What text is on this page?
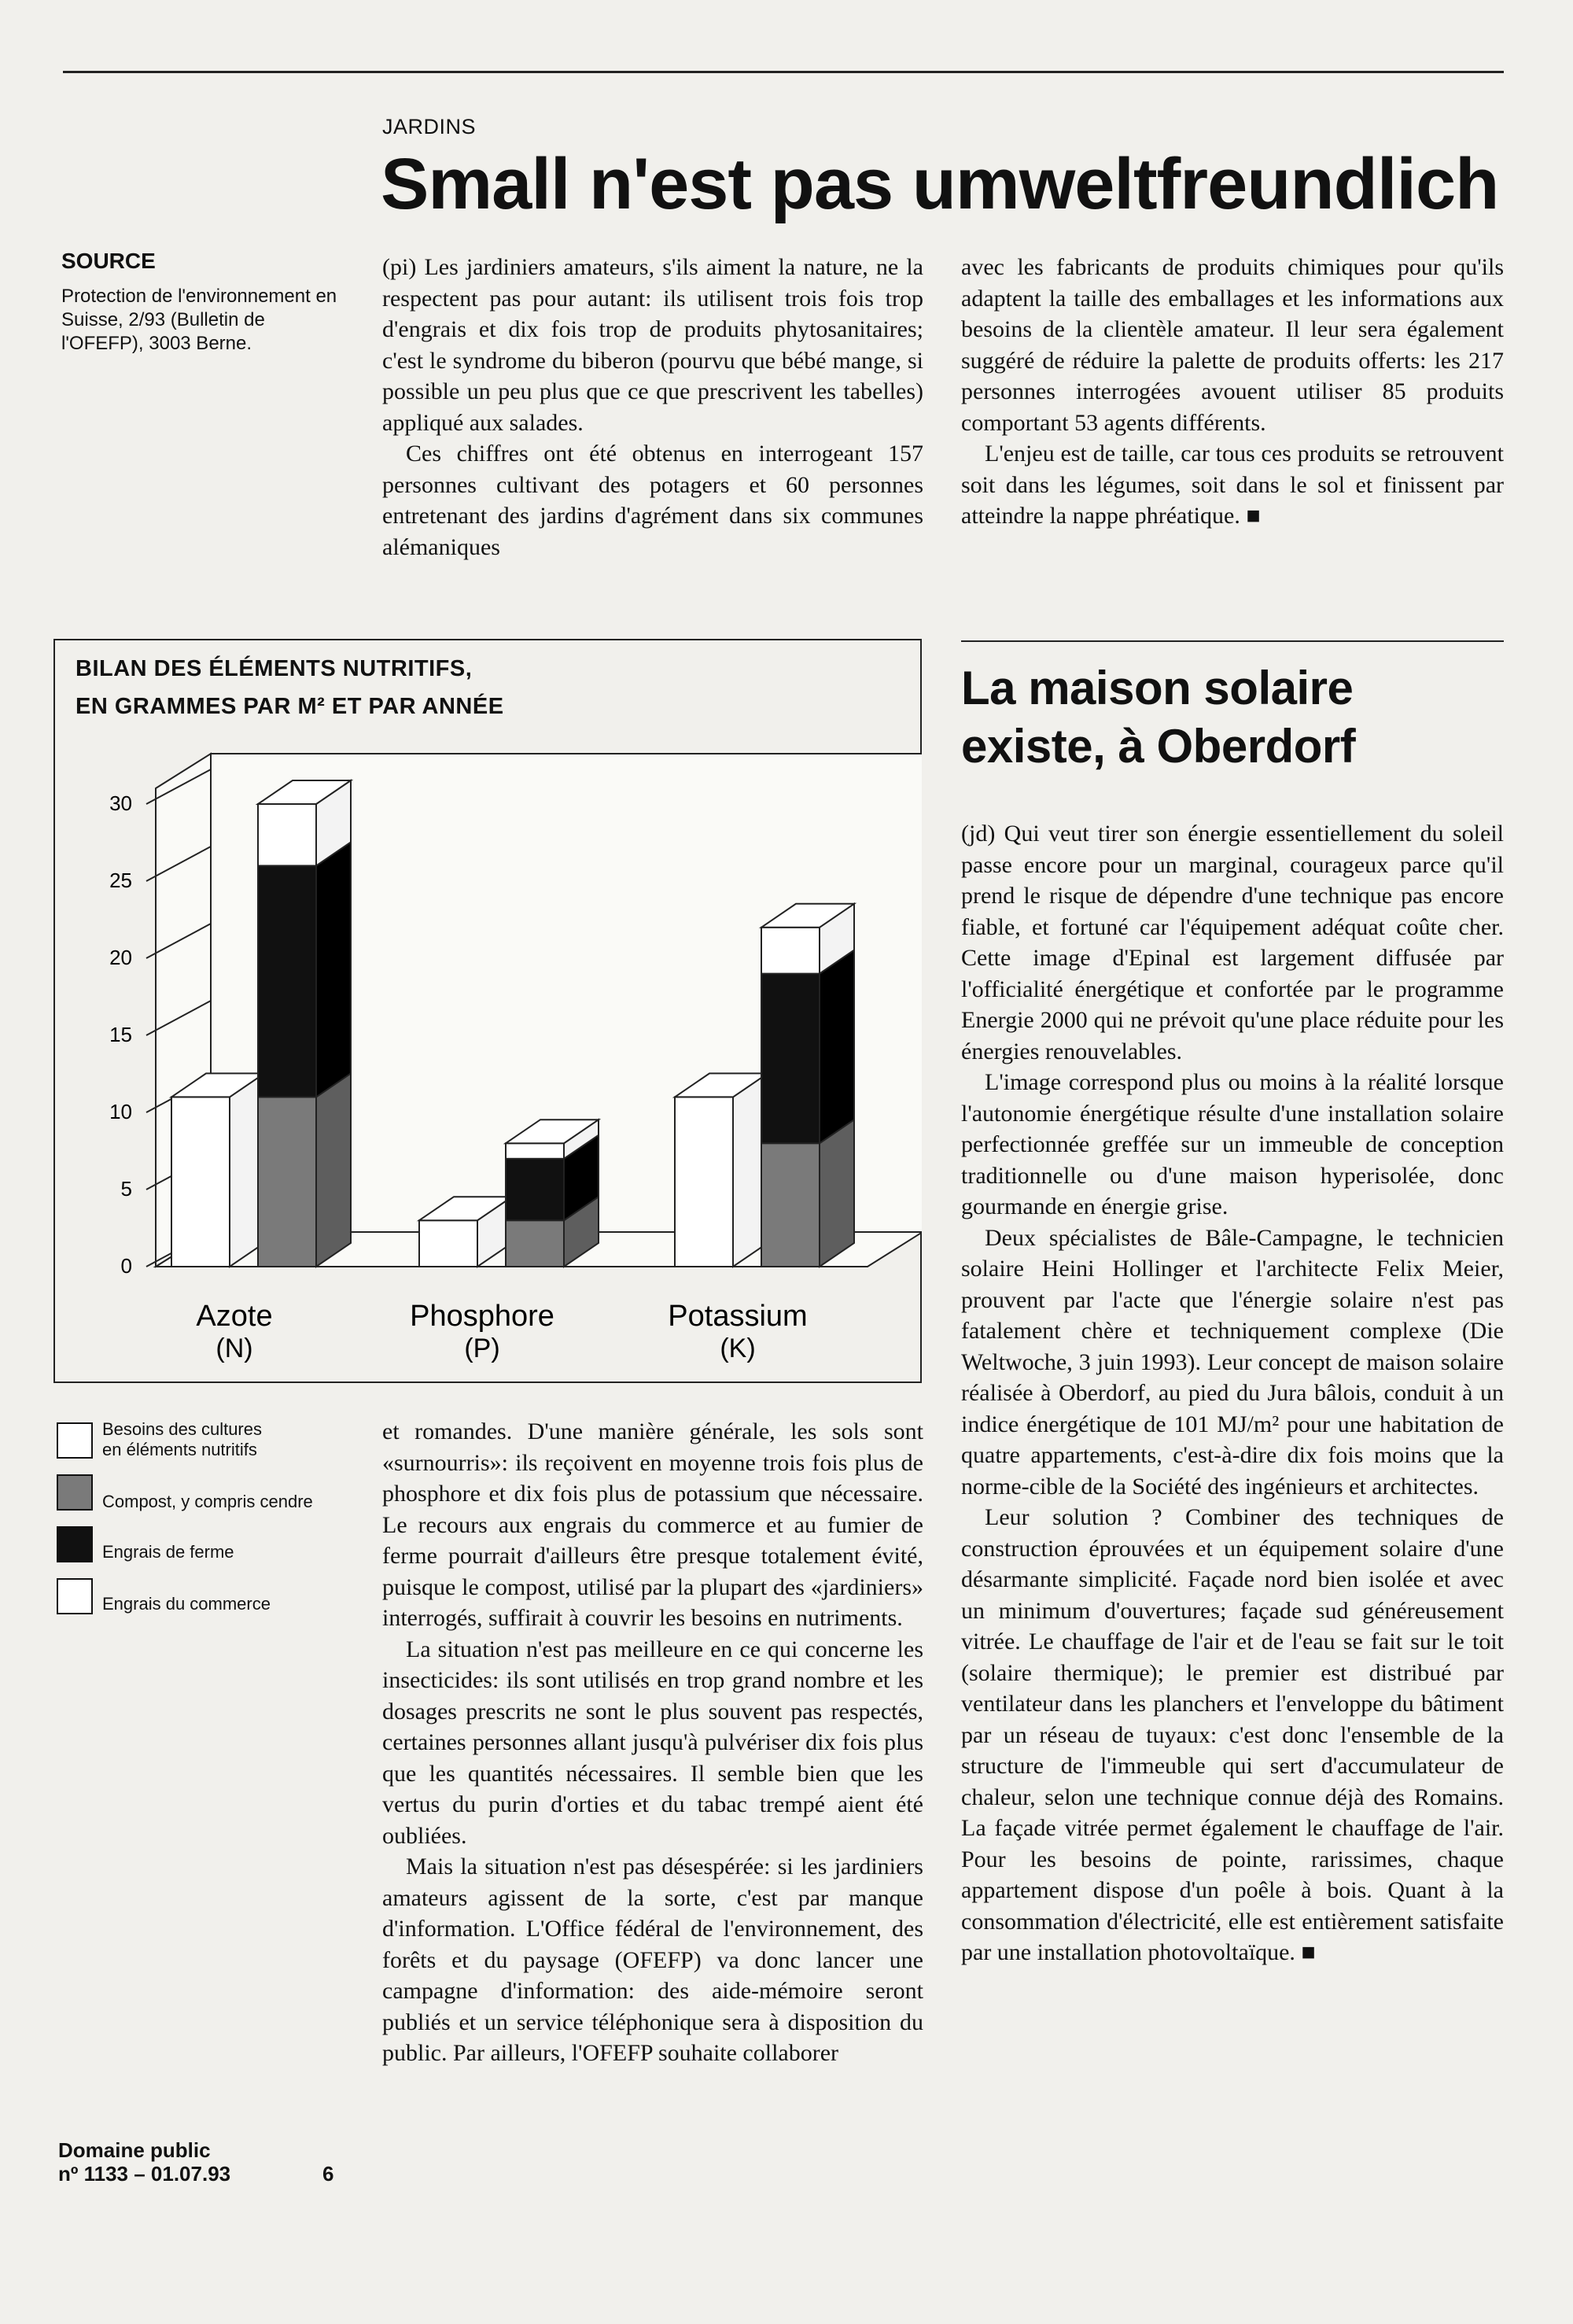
JARDINS
Small n'est pas umweltfreundlich
SOURCE
Protection de l'environnement en Suisse, 2/93 (Bulletin de l'OFEFP), 3003 Berne.

(pi) Les jardiniers amateurs, s'ils aiment la nature, ne la respectent pas pour autant: ils utilisent trois fois trop d'engrais et dix fois trop de produits phytosanitaires; c'est le syndrome du biberon (pourvu que bébé mange, si possible un peu plus que ce que prescrivent les tabelles) appliqué aux salades.

Ces chiffres ont été obtenus en interrogeant 157 personnes cultivant des potagers et 60 personnes entretenant des jardins d'agrément dans six communes alémaniques

avec les fabricants de produits chimiques pour qu'ils adaptent la taille des emballages et les informations aux besoins de la clientèle amateur. Il leur sera également suggéré de réduire la palette de produits offerts: les 217 personnes interrogées avouent utiliser 85 produits comportant 53 agents différents.

L'enjeu est de taille, car tous ces produits se retrouvent soit dans les légumes, soit dans le sol et finissent par atteindre la nappe phréatique. ■

BILAN DES ÉLÉMENTS NUTRITIFS,
EN GRAMMES PAR M² ET PAR ANNÉE
0
5
10
15
20
25
30
Azote
(N)
Phosphore
(P)
Potassium
(K)
Besoins des cultures
en éléments nutritifs
Compost, y compris cendre
Engrais de ferme
Engrais du commerce

et romandes. D'une manière générale, les sols sont «surnourris»: ils reçoivent en moyenne trois fois plus de phosphore et dix fois plus de potassium que nécessaire. Le recours aux engrais du commerce et au fumier de ferme pourrait d'ailleurs être presque totalement évité, puisque le compost, utilisé par la plupart des «jardiniers» interrogés, suffirait à couvrir les besoins en nutriments.

La situation n'est pas meilleure en ce qui concerne les insecticides: ils sont utilisés en trop grand nombre et les dosages prescrits ne sont le plus souvent pas respectés, certaines personnes allant jusqu'à pulvériser dix fois plus que les quantités nécessaires. Il semble bien que les vertus du purin d'orties et du tabac trempé aient été oubliées.

Mais la situation n'est pas désespérée: si les jardiniers amateurs agissent de la sorte, c'est par manque d'information. L'Office fédéral de l'environnement, des forêts et du paysage (OFEFP) va donc lancer une campagne d'information: des aide-mémoire seront publiés et un service téléphonique sera à disposition du public. Par ailleurs, l'OFEFP souhaite collaborer

La maison solaire
existe, à Oberdorf

(jd) Qui veut tirer son énergie essentiellement du soleil passe encore pour un marginal, courageux parce qu'il prend le risque de dépendre d'une technique pas encore fiable, et fortuné car l'équipement adéquat coûte cher. Cette image d'Epinal est largement diffusée par l'officialité énergétique et confortée par le programme Energie 2000 qui ne prévoit qu'une place réduite pour les énergies renouvelables.

L'image correspond plus ou moins à la réalité lorsque l'autonomie énergétique résulte d'une installation solaire perfectionnée greffée sur un immeuble de conception traditionnelle ou d'une maison hyperisolée, donc gourmande en énergie grise.

Deux spécialistes de Bâle-Campagne, le technicien solaire Heini Hollinger et l'architecte Felix Meier, prouvent par l'acte que l'énergie solaire n'est pas fatalement chère et techniquement complexe (Die Weltwoche, 3 juin 1993). Leur concept de maison solaire réalisée à Oberdorf, au pied du Jura bâlois, conduit à un indice énergétique de 101 MJ/m² pour une habitation de quatre appartements, c'est-à-dire dix fois moins que la norme-cible de la Société des ingénieurs et architectes.

Leur solution ? Combiner des techniques de construction éprouvées et un équipement solaire d'une désarmante simplicité. Façade nord bien isolée et avec un minimum d'ouvertures; façade sud généreusement vitrée. Le chauffage de l'air et de l'eau se fait sur le toit (solaire thermique); le premier est distribué par ventilateur dans les planchers et l'enveloppe du bâtiment par un réseau de tuyaux: c'est donc l'ensemble de la structure de l'immeuble qui sert d'accumulateur de chaleur, selon une technique connue déjà des Romains. La façade vitrée permet également le chauffage de l'air. Pour les besoins de pointe, rarissimes, chaque appartement dispose d'un poêle à bois. Quant à la consommation d'électricité, elle est entièrement satisfaite par une installation photovoltaïque. ■

Domaine public
nº 1133 – 01.07.93	6
